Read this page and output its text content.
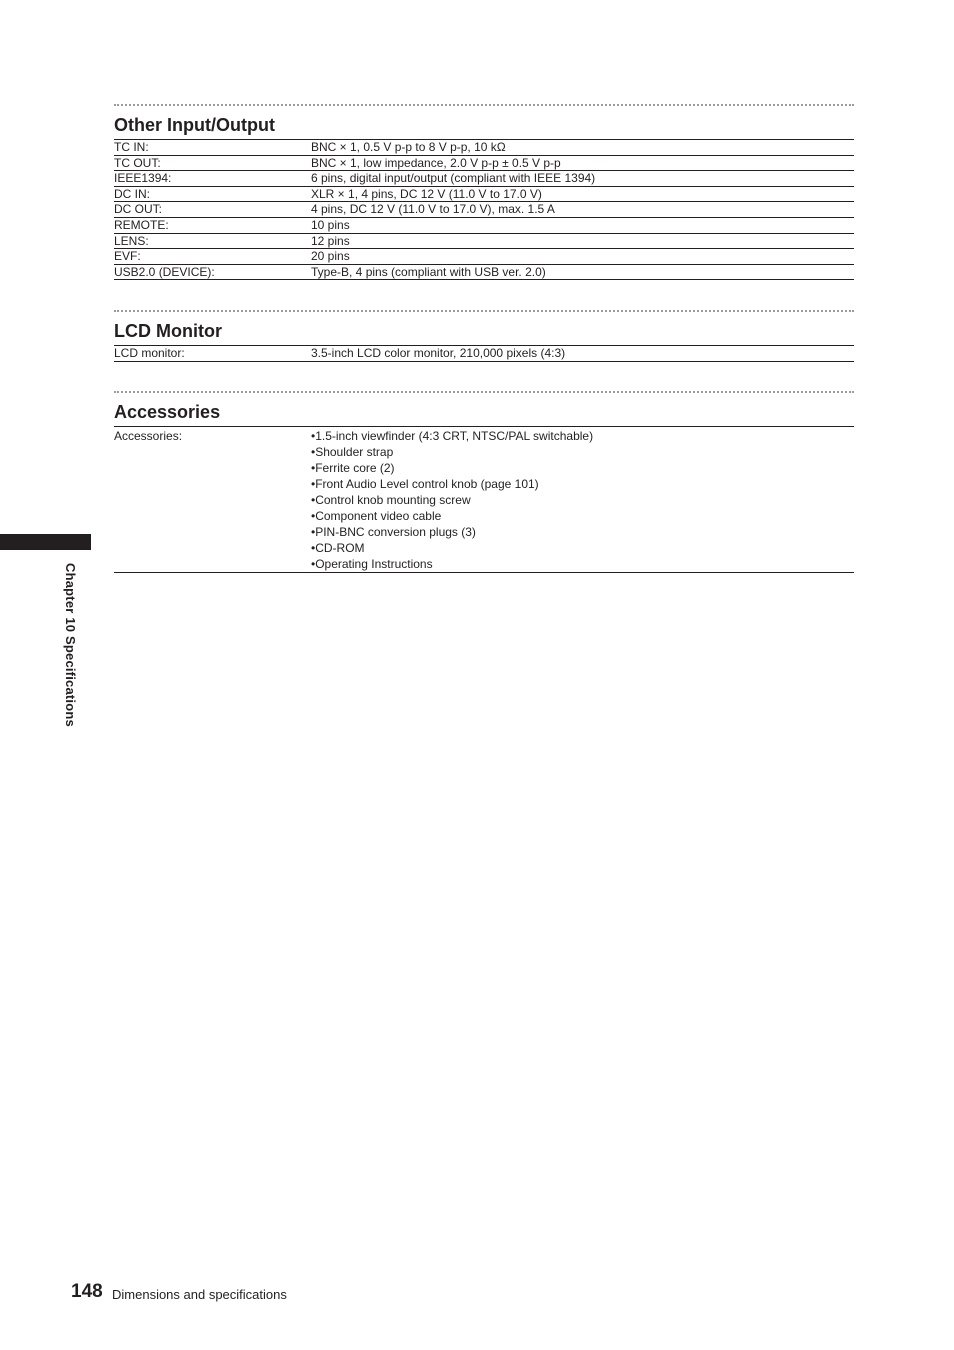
Other Input/Output
TC IN:	BNC × 1, 0.5 V p-p to 8 V p-p, 10 kΩ
TC OUT:	BNC × 1, low impedance, 2.0 V p-p ± 0.5 V p-p
IEEE1394:	6 pins, digital input/output (compliant with IEEE 1394)
DC IN:	XLR × 1, 4 pins, DC 12 V (11.0 V to 17.0 V)
DC OUT:	4 pins, DC 12 V (11.0 V to 17.0 V), max. 1.5 A
REMOTE:	10 pins
LENS:	12 pins
EVF:	20 pins
USB2.0 (DEVICE):	Type-B, 4 pins (compliant with USB ver. 2.0)
LCD Monitor
LCD monitor:	3.5-inch LCD color monitor, 210,000 pixels (4:3)
Accessories
Accessories:	
•1.5-inch viewfinder (4:3 CRT, NTSC/PAL switchable)
• Shoulder strap
• Ferrite core (2)
• Front Audio Level control knob (page 101)
• Control knob mounting screw
• Component video cable
• PIN-BNC conversion plugs (3)
• CD-ROM
• Operating Instructions
Chapter 10 Specifications
148 Dimensions and specifications
